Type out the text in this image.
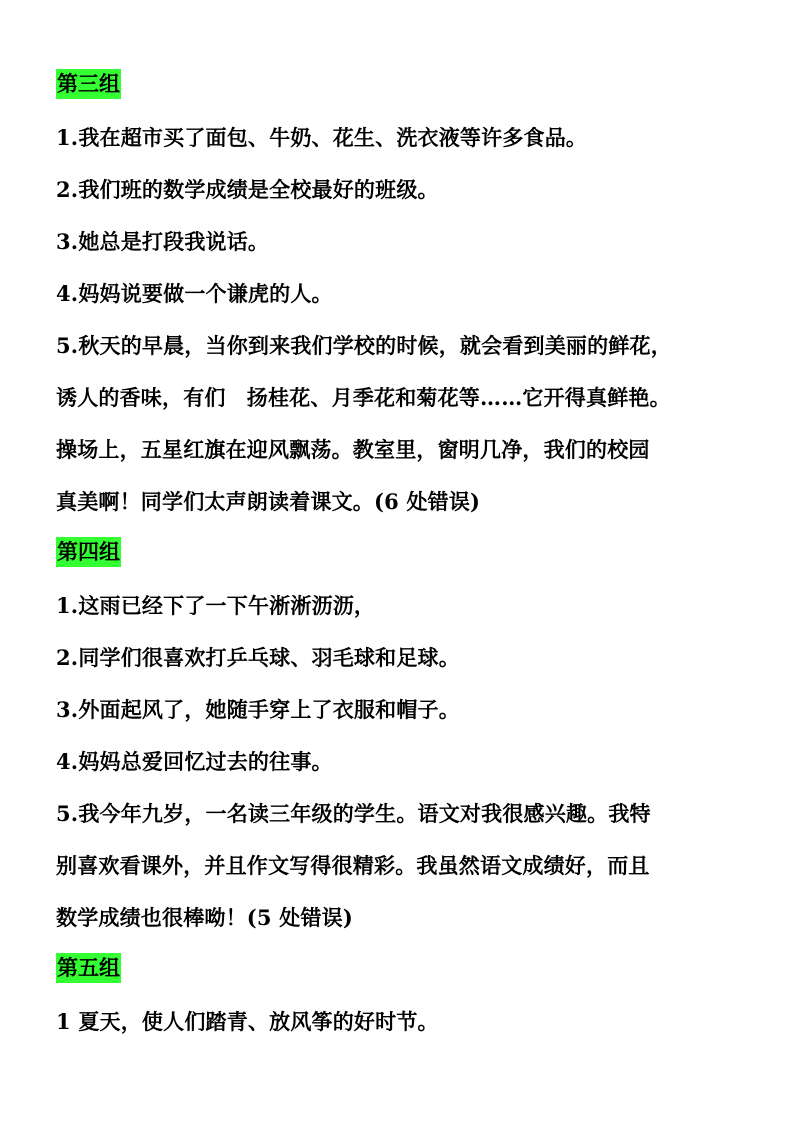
第三组
1.我在超市买了面包、牛奶、花生、洗衣液等许多食品。
2.我们班的数学成绩是全校最好的班级。
3.她总是打段我说话。
4.妈妈说要做一个谦虎的人。
5.秋天的早晨，当你到来我们学校的时候，就会看到美丽的鲜花，
诱人的香味，有们　扬桂花、月季花和菊花等……它开得真鲜艳。
操场上，五星红旗在迎风飘荡。教室里，窗明几净，我们的校园
真美啊！同学们太声朗读着课文。(6 处错误)
第四组
1.这雨已经下了一下午淅淅沥沥，
2.同学们很喜欢打乒乓球、羽毛球和足球。
3.外面起风了，她随手穿上了衣服和帽子。
4.妈妈总爱回忆过去的往事。
5.我今年九岁，一名读三年级的学生。语文对我很感兴趣。我特
别喜欢看课外，并且作文写得很精彩。我虽然语文成绩好，而且
数学成绩也很棒呦！(5 处错误)
第五组
1 夏天，使人们踏青、放风筝的好时节。
